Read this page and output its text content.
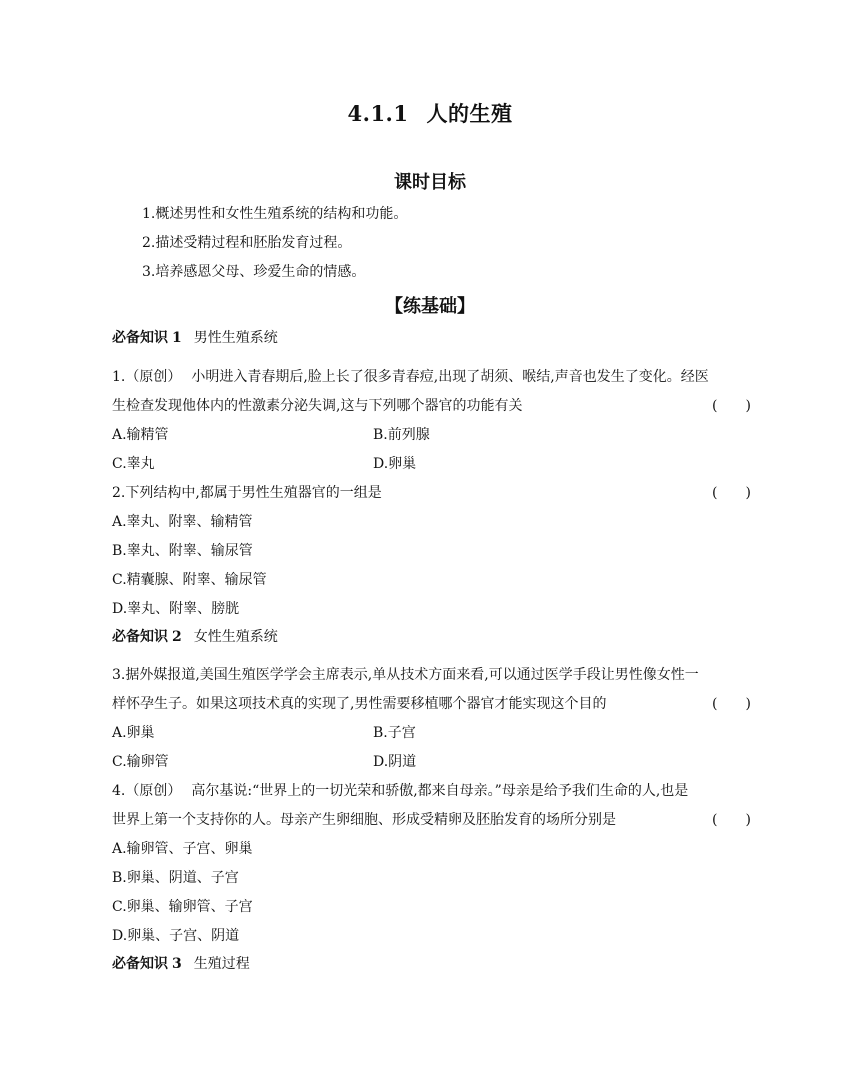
4.1.1 人的生殖
课时目标
1.概述男性和女性生殖系统的结构和功能。
2.描述受精过程和胚胎发育过程。
3.培养感恩父母、珍爱生命的情感。
【练基础】
必备知识 1 男性生殖系统
1.（原创） 小明进入青春期后,脸上长了很多青春痘,出现了胡须、喉结,声音也发生了变化。经医
生检查发现他体内的性激素分泌失调,这与下列哪个器官的功能有关	(　　)
A.输精管	B.前列腺
C.睾丸	D.卵巢
2.下列结构中,都属于男性生殖器官的一组是	(　　)
A.睾丸、附睾、输精管
B.睾丸、附睾、输尿管
C.精囊腺、附睾、输尿管
D.睾丸、附睾、膀胱
必备知识 2 女性生殖系统
3.据外媒报道,美国生殖医学学会主席表示,单从技术方面来看,可以通过医学手段让男性像女性一
样怀孕生子。如果这项技术真的实现了,男性需要移植哪个器官才能实现这个目的	(　　)
A.卵巢	B.子宫
C.输卵管	D.阴道
4.（原创） 高尔基说:“世界上的一切光荣和骄傲,都来自母亲。”母亲是给予我们生命的人,也是
世界上第一个支持你的人。母亲产生卵细胞、形成受精卵及胚胎发育的场所分别是	(　　)
A.输卵管、子宫、卵巢
B.卵巢、阴道、子宫
C.卵巢、输卵管、子宫
D.卵巢、子宫、阴道
必备知识 3 生殖过程
